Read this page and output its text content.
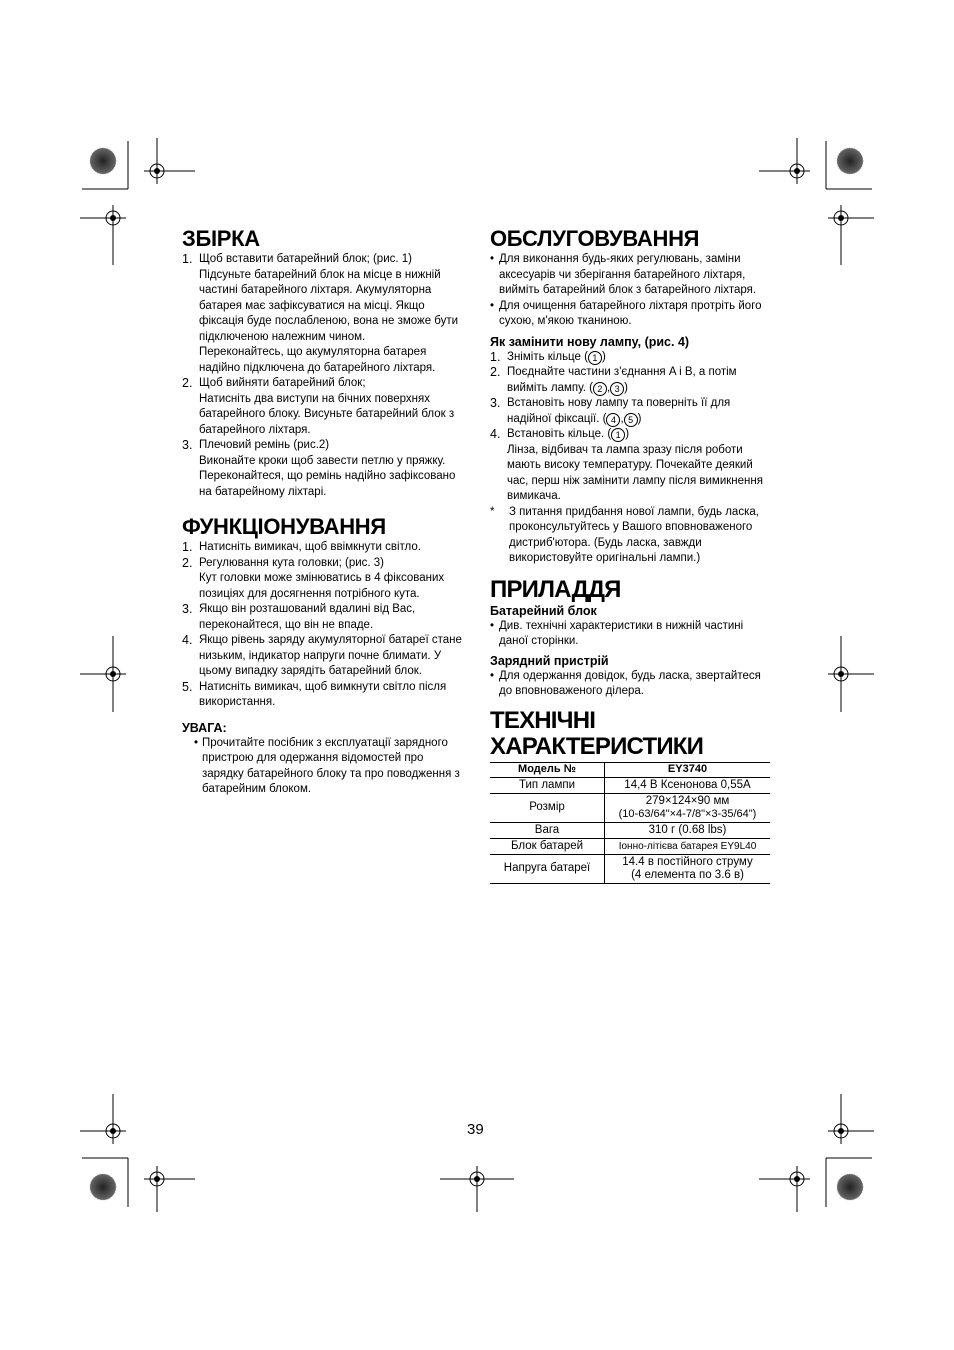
ЗБІРКА
1. Щоб вставити батарейний блок; (рис. 1)
Підсуньте батарейний блок на місце в нижній частині батарейного ліхтаря. Акумуляторна батарея має зафіксуватися на місці. Якщо фіксація буде послабленою, вона не зможе бути підключеною належним чином.
Переконайтесь, що акумуляторна батарея надійно підключена до батарейного ліхтаря.
2. Щоб вийняти батарейний блок;
Натисніть два виступи на бічних поверхнях батарейного блоку. Висуньте батарейний блок з батарейного ліхтаря.
3. Плечовий ремінь (рис.2)
Виконайте кроки щоб завести петлю у пряжку. Переконайтеся, що ремінь надійно зафіксовано на батарейному ліхтарі.
ФУНКЦІОНУВАННЯ
1. Натисніть вимикач, щоб ввімкнути світло.
2. Регулювання кута головки; (рис. 3)
Кут головки може змінюватись в 4 фіксованих позиціях для досягнення потрібного кута.
3. Якщо він розташований вдалині від Вас, переконайтеся, що він не впаде.
4. Якщо рівень заряду акумуляторної батареї стане низьким, індикатор напруги почне блимати. У цьому випадку зарядіть батарейний блок.
5. Натисніть вимикач, щоб вимкнути світло після використання.
УВАГА:
• Прочитайте посібник з експлуатації зарядного пристрою для одержання відомостей про зарядку батарейного блоку та про поводження з батарейним блоком.
ОБСЛУГОВУВАННЯ
• Для виконання будь-яких регулювань, заміни аксесуарів чи зберігання батарейного ліхтаря, вийміть батарейний блок з батарейного ліхтаря.
• Для очищення батарейного ліхтаря протріть його сухою, м'якою тканиною.
Як замінити нову лампу, (рис. 4)
1. Зніміть кільце ( 1 )
2. Поєднайте частини з'єднання A і B, а потім вийміть лампу. ( 2 , 3 )
3. Встановіть нову лампу та поверніть її для надійної фіксації. ( 4 , 5 )
4. Встановіть кільце. ( 1 )
Лінза, відбивач та лампа зразу після роботи мають високу температуру. Почекайте деякий час, перш ніж замінити лампу після вимикнення вимикача.
* З питання придбання нової лампи, будь ласка, проконсультуйтесь у Вашого вповноваженого дистриб'ютора. (Будь ласка, завжди використовуйте оригінальні лампи.)
ПРИЛАДДЯ
Батарейний блок
• Див. технічні характеристики в нижній частині даної сторінки.
Зарядний пристрій
• Для одержання довідок, будь ласка, звертайтеся до вповноваженого ділера.
ТЕХНІЧНІ ХАРАКТЕРИСТИКИ
Модель №	EY3740
Тип лампи	14,4 В Ксенонова 0,55А
Розмір	279×124×90 мм
(10-63/64"×4-7/8"×3-35/64")

Вага	310 г (0.68 lbs)
Блок батарей	Іонно-літієва батарея EY9L40
Напруга батареї	14.4 в постійного струму
(4 елемента по 3.6 в)
39
